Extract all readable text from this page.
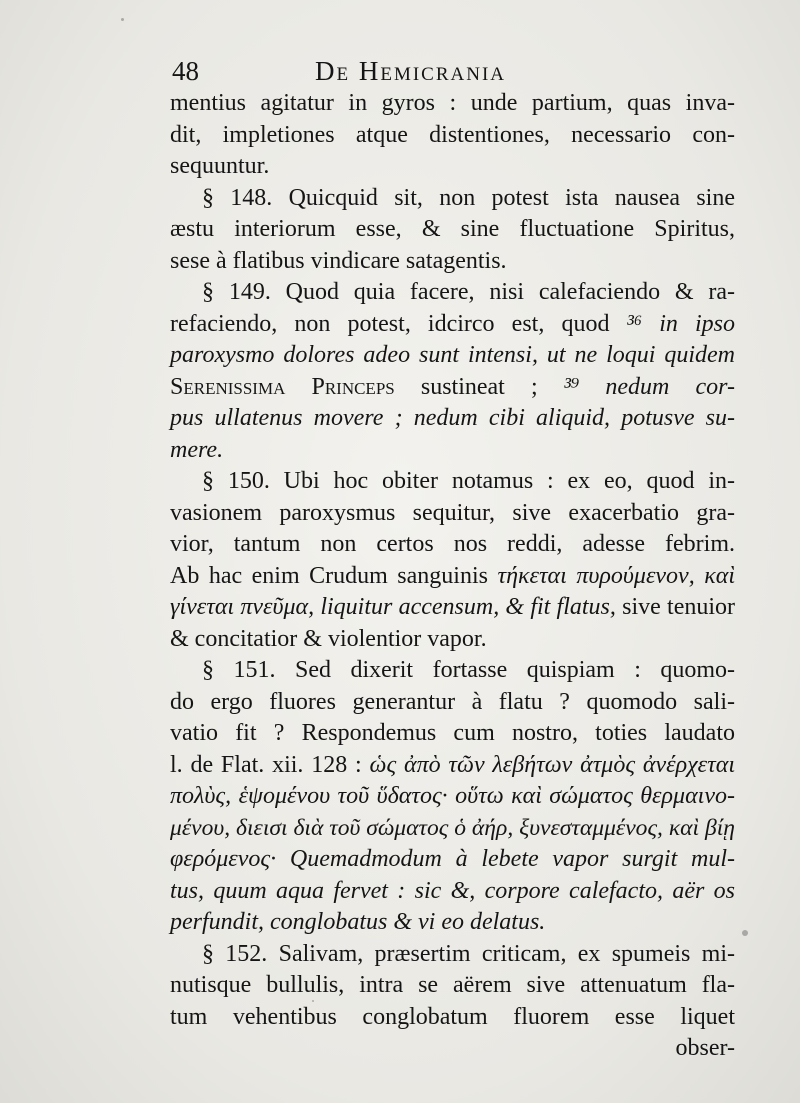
48	De Hemicrania
mentius agitatur in gyros : unde partium, quas inva-
dit, impletiones atque distentiones, necessario con-
sequuntur.
§ 148. Quicquid sit, non potest ista nausea sine
æstu interiorum esse, & sine fluctuatione Spiritus,
sese à flatibus vindicare satagentis.
§ 149. Quod quia facere, nisi calefaciendo & ra-
refaciendo, non potest, idcirco est, quod ³⁶ in ipso
paroxysmo dolores adeo sunt intensi, ut ne loqui quidem
Serenissima Princeps sustineat ; ³⁹ nedum cor-
pus ullatenus movere ; nedum cibi aliquid, potusve su-
mere.
§ 150. Ubi hoc obiter notamus : ex eo, quod in-
vasionem paroxysmus sequitur, sive exacerbatio gra-
vior, tantum non certos nos reddi, adesse febrim.
Ab hac enim Crudum sanguinis τήκεται πυρούμενον, καὶ
γίνεται πνεῦμα, liquitur accensum, & fit flatus, sive tenuior
& concitatior & violentior vapor.
§ 151. Sed dixerit fortasse quispiam : quomo-
do ergo fluores generantur à flatu ? quomodo sali-
vatio fit ? Respondemus cum nostro, toties laudato
l. de Flat. xii. 128 : ὡς ἀπὸ τῶν λεβήτων ἀτμὸς ἀνέρχεται
πολὺς, ἑψομένου τοῦ ὕδατος· οὕτω καὶ σώματος θερμαινο-
μένου, διεισι διὰ τοῦ σώματος ὁ ἀήρ, ξυνεσταμμένος, καὶ βίῃ
φερόμενος· Quemadmodum à lebete vapor surgit mul-
tus, quum aqua fervet : sic &, corpore calefacto, aër os
perfundit, conglobatus & vi eo delatus.
§ 152. Salivam, præsertim criticam, ex spumeis mi-
nutisque bullulis, intra se aërem sive attenuatum fla-
tum vehentibus conglobatum fluorem esse liquet
obser-
